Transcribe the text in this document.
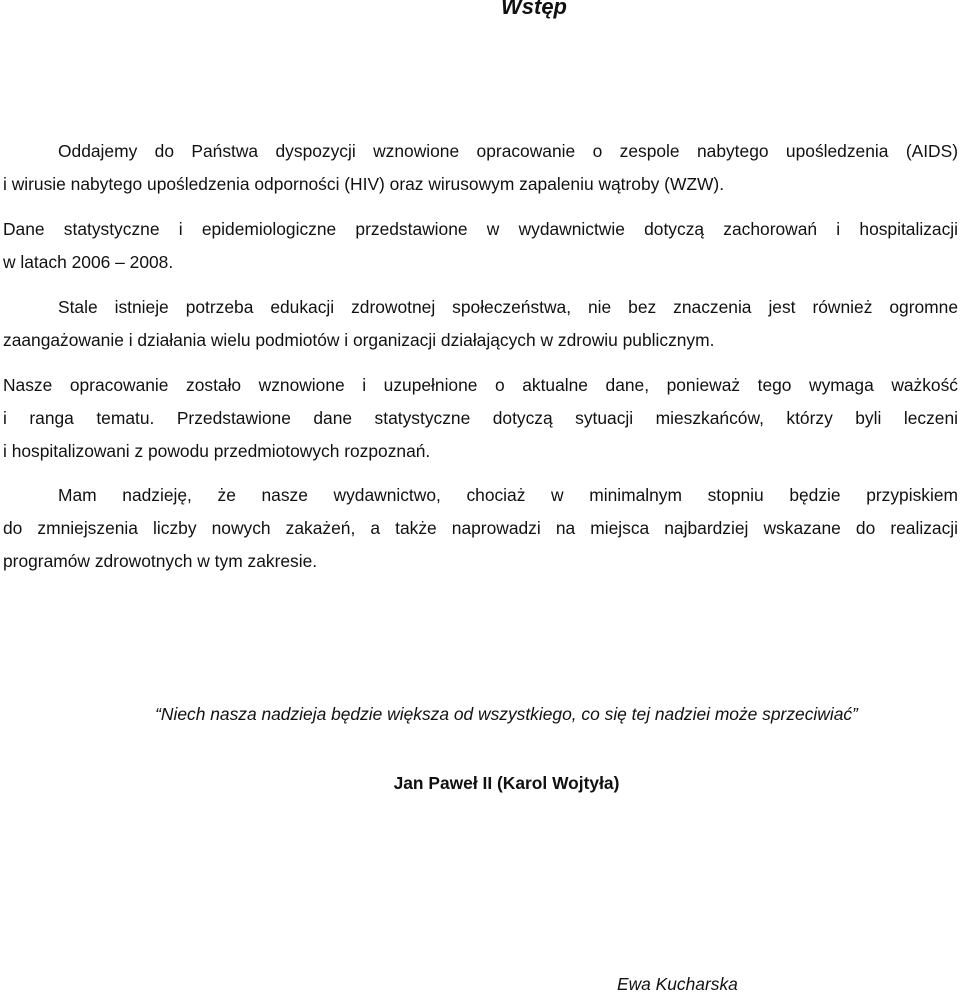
Wstęp
Oddajemy do Państwa dyspozycji wznowione opracowanie o zespole nabytego upośledzenia (AIDS)
i wirusie nabytego upośledzenia odporności (HIV) oraz wirusowym zapaleniu wątroby (WZW).
Dane statystyczne i epidemiologiczne przedstawione w wydawnictwie dotyczą zachorowań i hospitalizacji
w latach 2006 – 2008.
Stale istnieje potrzeba edukacji zdrowotnej społeczeństwa, nie bez znaczenia jest również ogromne
zaangażowanie i działania wielu podmiotów i organizacji działających w zdrowiu publicznym.
Nasze opracowanie zostało wznowione i uzupełnione o aktualne dane, ponieważ tego wymaga ważkość
i ranga tematu. Przedstawione dane statystyczne dotyczą sytuacji mieszkańców, którzy byli leczeni
i hospitalizowani z powodu przedmiotowych rozpoznań.
Mam nadzieję, że nasze wydawnictwo, chociaż w minimalnym stopniu będzie przypiskiem
do zmniejszenia liczby nowych zakażeń, a także naprowadzi na miejsca najbardziej wskazane do realizacji
programów zdrowotnych w tym zakresie.
“Niech nasza nadzieja będzie większa od wszystkiego, co się tej nadziei może sprzeciwiać”
Jan Paweł II (Karol Wojtyła)
Ewa Kucharska
